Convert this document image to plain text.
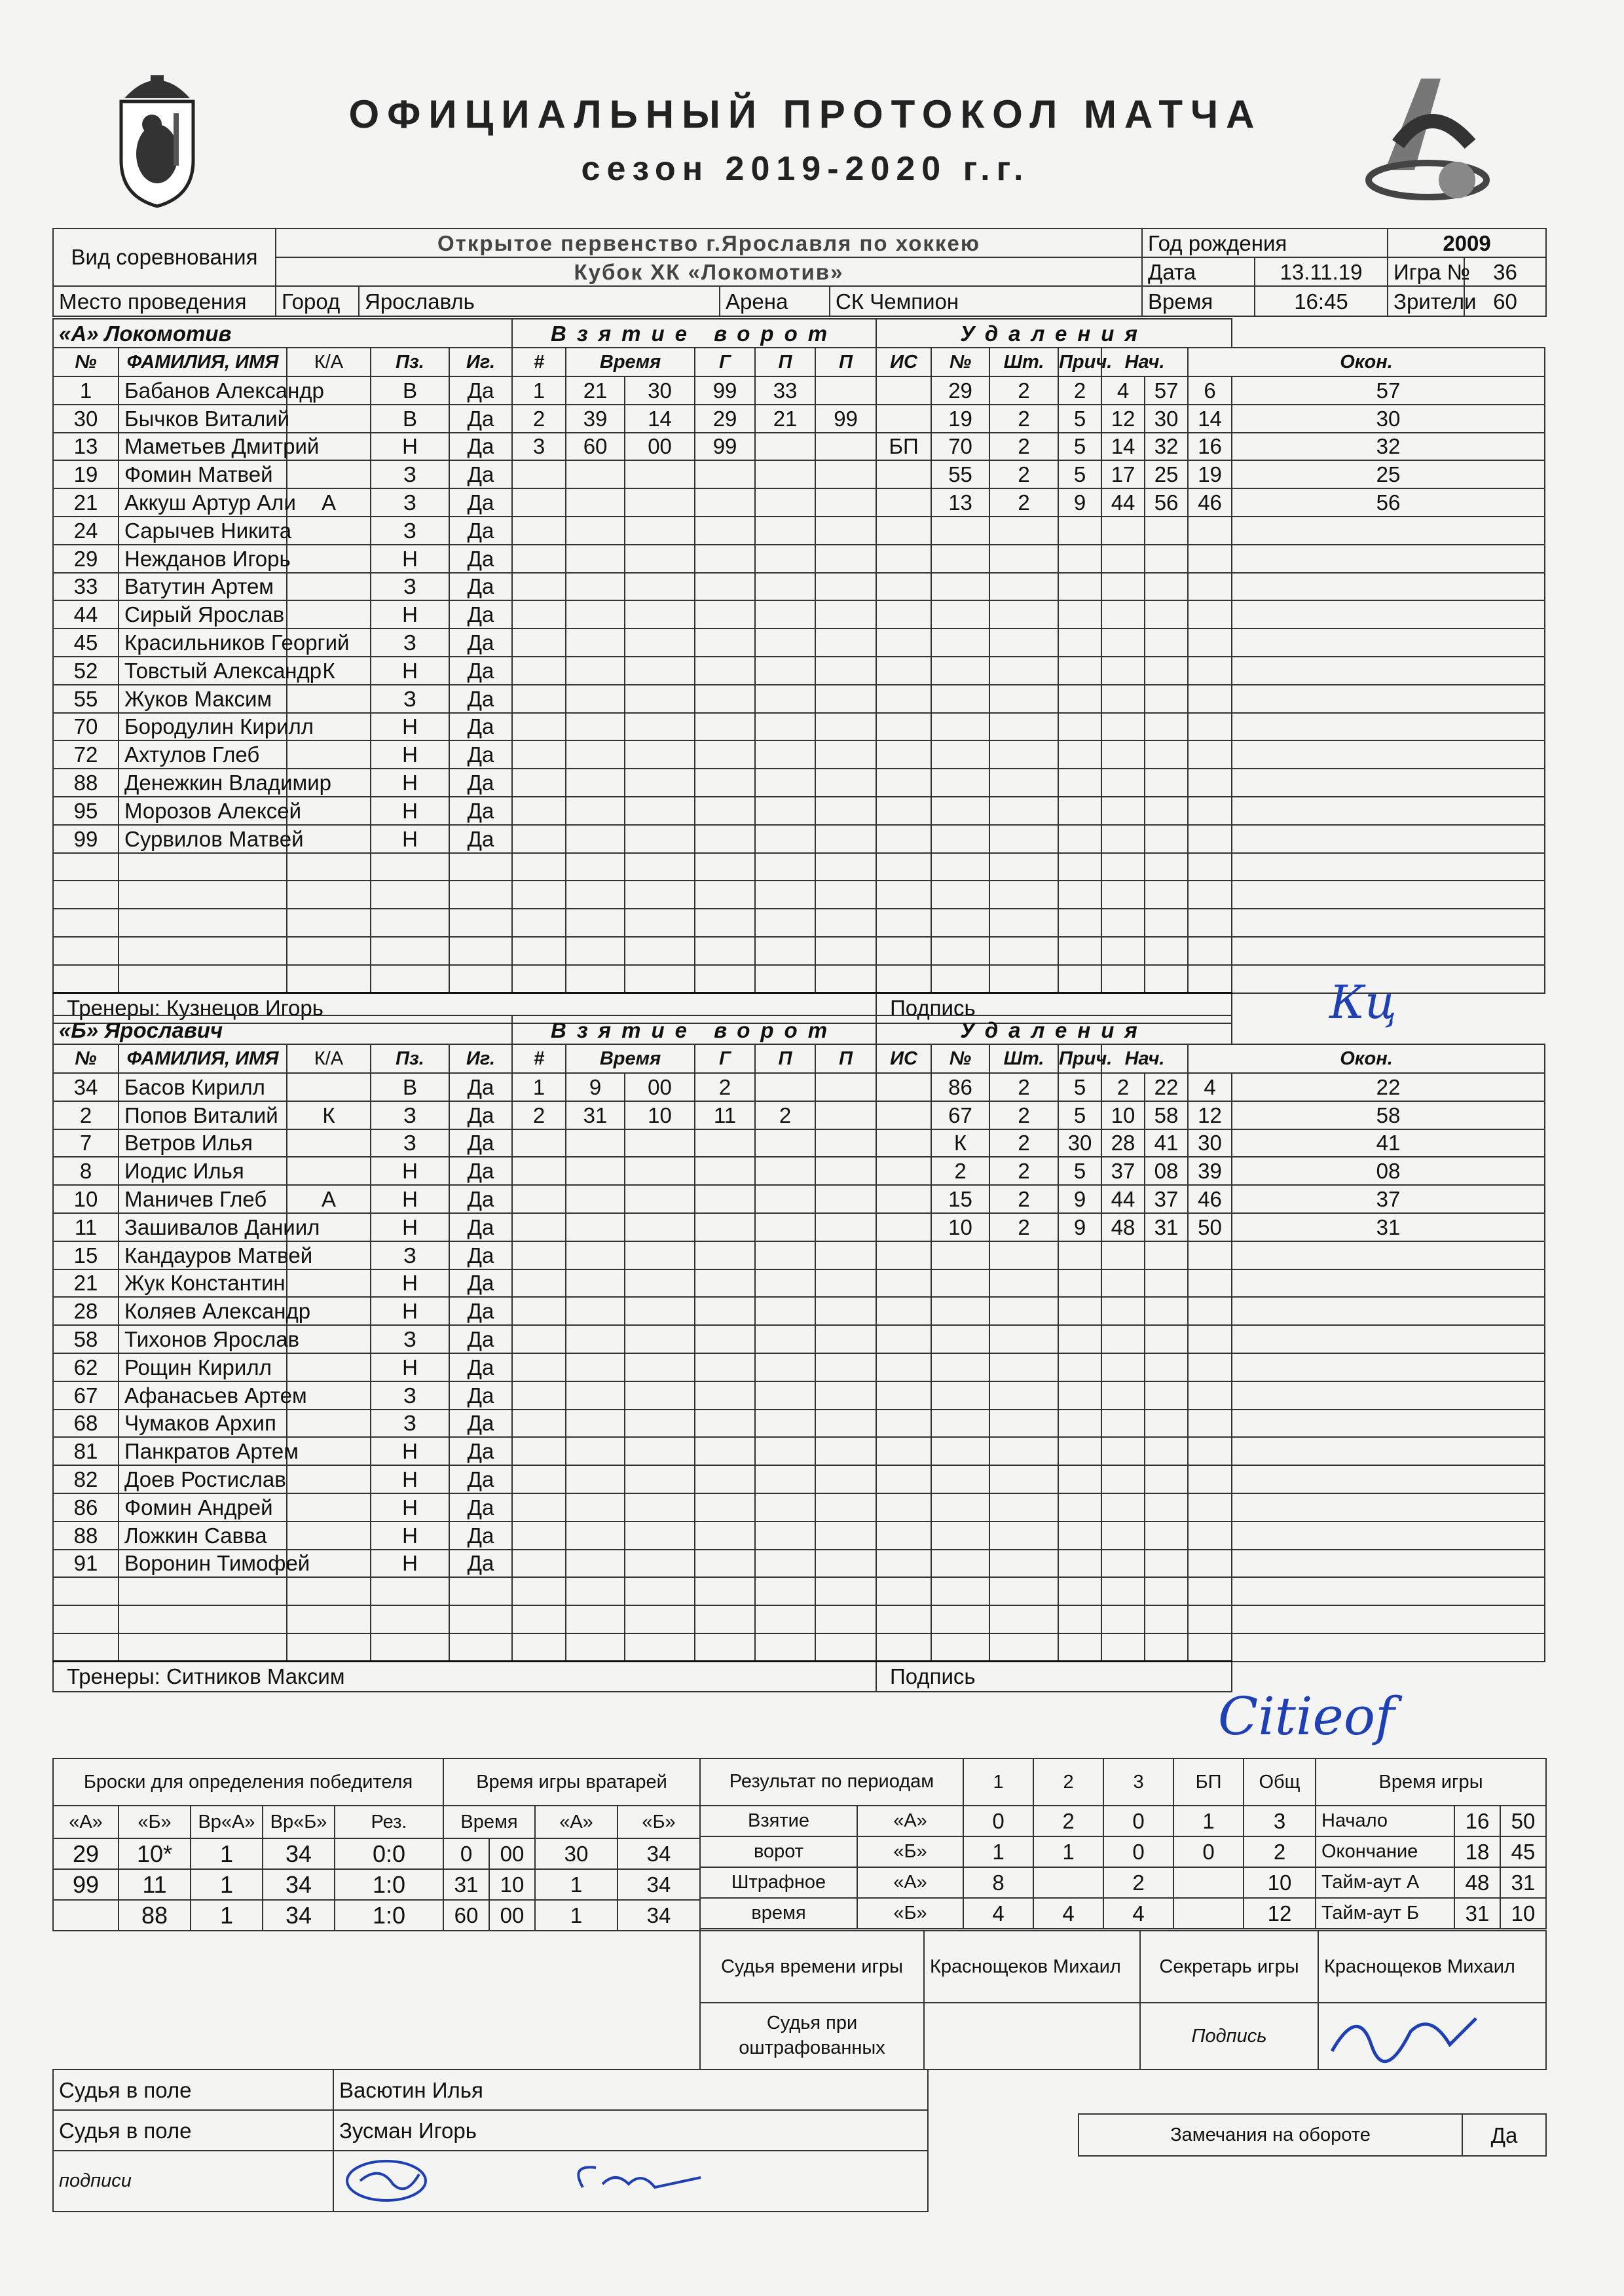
ОФИЦИАЛЬНЫЙ ПРОТОКОЛ МАТЧА
сезон 2019-2020 г.г.
Вид соревнования	Открытое первенство г.Ярославля по хоккею				Год рождения		2009	
	Кубок ХК «Локомотив»				Дата	13.11.19	Игра №	36
Место проведения	Город	Ярославль	Арена	СК Чемпион	Время	16:45	Зрители	60
«А» Локомотив					Взятие ворот						Удаления							
№	ФАМИЛИЯ, ИМЯ	К/А	Пз.	Иг.	#	Время		Г	П	П	ИС	№	Шт.	Прич.	Нач.		Окон.	
1	Бабанов Александр		В	Да	1	21	30	99	33			29	2	2	4	57	6	57
30	Бычков Виталий		В	Да	2	39	14	29	21	99		19	2	5	12	30	14	30
13	Маметьев Дмитрий		Н	Да	3	60	00	99			БП	70	2	5	14	32	16	32
19	Фомин Матвей		З	Да								55	2	5	17	25	19	25
21	Аккуш Артур Али	А	З	Да								13	2	9	44	56	46	56
24	Сарычев Никита		З	Да														
29	Нежданов Игорь		Н	Да														
33	Ватутин Артем		З	Да														
44	Сирый Ярослав		Н	Да														
45	Красильников Георгий		З	Да														
52	Товстый Александр	К	Н	Да														
55	Жуков Максим		З	Да														
70	Бородулин Кирилл		Н	Да														
72	Ахтулов Глеб		Н	Да														
88	Денежкин Владимир		Н	Да														
95	Морозов Алексей		Н	Да														
99	Сурвилов Матвей		Н	Да														

Тренеры: Кузнецов Игорь											Подпись							
«Б» Ярославич					Взятие ворот						Удаления							
№	ФАМИЛИЯ, ИМЯ	К/А	Пз.	Иг.	#	Время		Г	П	П	ИС	№	Шт.	Прич.	Нач.		Окон.	
34	Басов Кирилл		В	Да	1	9	00	2				86	2	5	2	22	4	22
2	Попов Виталий	К	З	Да	2	31	10	11	2			67	2	5	10	58	12	58
7	Ветров Илья		З	Да								К	2	30	28	41	30	41
8	Иодис Илья		Н	Да								2	2	5	37	08	39	08
10	Маничев Глеб	А	Н	Да								15	2	9	44	37	46	37
11	Зашивалов Даниил		Н	Да								10	2	9	48	31	50	31
15	Кандауров Матвей		З	Да														
21	Жук Константин		Н	Да														
28	Коляев Александр		Н	Да														
58	Тихонов Ярослав		З	Да														
62	Рощин Кирилл		Н	Да														
67	Афанасьев Артем		З	Да														
68	Чумаков Архип		З	Да														
81	Панкратов Артем		Н	Да														
82	Доев Ростислав		Н	Да														
86	Фомин Андрей		Н	Да														
88	Ложкин Савва		Н	Да														
91	Воронин Тимофей		Н	Да														

Тренеры: Ситников Максим											Подпись							
Кц
Сitieof
Броски для определения победителя				
«А»	«Б»	Вр«А»	Вр«Б»	Рез.
29	10*	1	34	0:0
99	11	1	34	1:0
	88	1	34	1:0
Время игры вратарей			
Время		«А»	«Б»
0	00	30	34
31	10	1	34
60	00	1	34
Результат по периодам		1	2	3	БП	Общ
Взятие	«А»	0	2	0	1	3
ворот	«Б»	1	1	0	0	2
Штрафное	«А»	8		2		10
время	«Б»	4	4	4		12
Время игры		
Начало	16	50
Окончание	18	45
Тайм-аут А	48	31
Тайм-аут Б	31	10
Судья времени игры	Краснощеков Михаил	Секретарь игры	Краснощеков Михаил
Судья при оштрафованных		Подпись	
Судья в поле	Васютин Илья
Судья в поле	Зусман Игорь
подписи	
Замечания на обороте	Да
